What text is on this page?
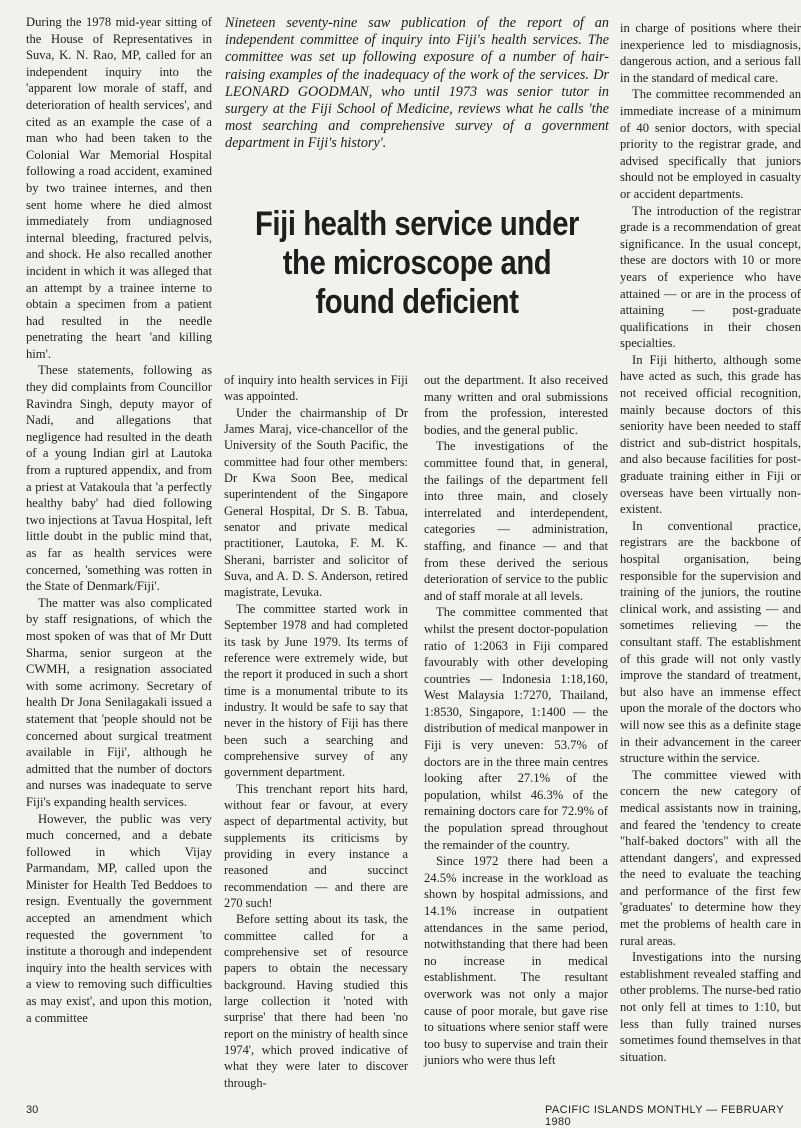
During the 1978 mid-year sitting of the House of Representatives in Suva, K. N. Rao, MP, called for an independent inquiry into the 'apparent low morale of staff, and deterioration of health services', and cited as an example the case of a man who had been taken to the Colonial War Memorial Hospital following a road accident, examined by two trainee internes, and then sent home where he died almost immediately from undiagnosed internal bleeding, fractured pelvis, and shock. He also recalled another incident in which it was alleged that an attempt by a trainee interne to obtain a specimen from a patient had resulted in the needle penetrating the heart 'and killing him'.

These statements, following as they did complaints from Councillor Ravindra Singh, deputy mayor of Nadi, and allegations that negligence had resulted in the death of a young Indian girl at Lautoka from a ruptured appendix, and from a priest at Vatakoula that 'a perfectly healthy baby' had died following two injections at Tavua Hospital, left little doubt in the public mind that, as far as health services were concerned, 'something was rotten in the State of Denmark/Fiji'.

The matter was also complicated by staff resignations, of which the most spoken of was that of Mr Dutt Sharma, senior surgeon at the CWMH, a resignation associated with some acrimony. Secretary of health Dr Jona Senilagakali issued a statement that 'people should not be concerned about surgical treatment available in Fiji', although he admitted that the number of doctors and nurses was inadequate to serve Fiji's expanding health services.

However, the public was very much concerned, and a debate followed in which Vijay Parmandam, MP, called upon the Minister for Health Ted Beddoes to resign. Eventually the government accepted an amendment which requested the government 'to institute a thorough and independent inquiry into the health services with a view to removing such difficulties as may exist', and upon this motion, a committee

Nineteen seventy-nine saw publication of the report of an independent committee of inquiry into Fiji's health services. The committee was set up following exposure of a number of hair-raising examples of the inadequacy of the work of the services. Dr LEONARD GOODMAN, who until 1973 was senior tutor in surgery at the Fiji School of Medicine, reviews what he calls 'the most searching and comprehensive survey of a government department in Fiji's history'.

Fiji health service under the microscope and found deficient

of inquiry into health services in Fiji was appointed.

Under the chairmanship of Dr James Maraj, vice-chancellor of the University of the South Pacific, the committee had four other members: Dr Kwa Soon Bee, medical superintendent of the Singapore General Hospital, Dr S. B. Tabua, senator and private medical practitioner, Lautoka, F. M. K. Sherani, barrister and solicitor of Suva, and A. D. S. Anderson, retired magistrate, Levuka.

The committee started work in September 1978 and had completed its task by June 1979. Its terms of reference were extremely wide, but the report it produced in such a short time is a monumental tribute to its industry. It would be safe to say that never in the history of Fiji has there been such a searching and comprehensive survey of any government department.

This trenchant report hits hard, without fear or favour, at every aspect of departmental activity, but supplements its criticisms by providing in every instance a reasoned and succinct recommendation — and there are 270 such!

Before setting about its task, the committee called for a comprehensive set of resource papers to obtain the necessary background. Having studied this large collection it 'noted with surprise' that there had been 'no report on the ministry of health since 1974', which proved indicative of what they were later to discover through-

out the department. It also received many written and oral submissions from the profession, interested bodies, and the general public.

The investigations of the committee found that, in general, the failings of the department fell into three main, and closely interrelated and interdependent, categories — administration, staffing, and finance — and that from these derived the serious deterioration of service to the public and of staff morale at all levels.

The committee commented that whilst the present doctor-population ratio of 1:2063 in Fiji compared favourably with other developing countries — Indonesia 1:18,160, West Malaysia 1:7270, Thailand, 1:8530, Singapore, 1:1400 — the distribution of medical manpower in Fiji is very uneven: 53.7% of doctors are in the three main centres looking after 27.1% of the population, whilst 46.3% of the remaining doctors care for 72.9% of the population spread throughout the remainder of the country.

Since 1972 there had been a 24.5% increase in the workload as shown by hospital admissions, and 14.1% increase in outpatient attendances in the same period, notwithstanding that there had been no increase in medical establishment. The resultant overwork was not only a major cause of poor morale, but gave rise to situations where senior staff were too busy to supervise and train their juniors who were thus left

in charge of positions where their inexperience led to misdiagnosis, dangerous action, and a serious fall in the standard of medical care.

The committee recommended an immediate increase of a minimum of 40 senior doctors, with special priority to the registrar grade, and advised specifically that juniors should not be employed in casualty or accident departments.

The introduction of the registrar grade is a recommendation of great significance. In the usual concept, these are doctors with 10 or more years of experience who have attained — or are in the process of attaining — post-graduate qualifications in their chosen specialties.

In Fiji hitherto, although some have acted as such, this grade has not received official recognition, mainly because doctors of this seniority have been needed to staff district and sub-district hospitals, and also because facilities for post-graduate training either in Fiji or overseas have been virtually non-existent.

In conventional practice, registrars are the backbone of hospital organisation, being responsible for the supervision and training of the juniors, the routine clinical work, and assisting — and sometimes relieving — the consultant staff. The establishment of this grade will not only vastly improve the standard of treatment, but also have an immense effect upon the morale of the doctors who will now see this as a definite stage in their advancement in the career structure within the service.

The committee viewed with concern the new category of medical assistants now in training, and feared the 'tendency to create "half-baked doctors" with all the attendant dangers', and expressed the need to evaluate the teaching and performance of the first few 'graduates' to determine how they met the problems of health care in rural areas.

Investigations into the nursing establishment revealed staffing and other problems. The nurse-bed ratio not only fell at times to 1:10, but less than fully trained nurses sometimes found themselves in that situation.

30	PACIFIC ISLANDS MONTHLY — FEBRUARY 1980
